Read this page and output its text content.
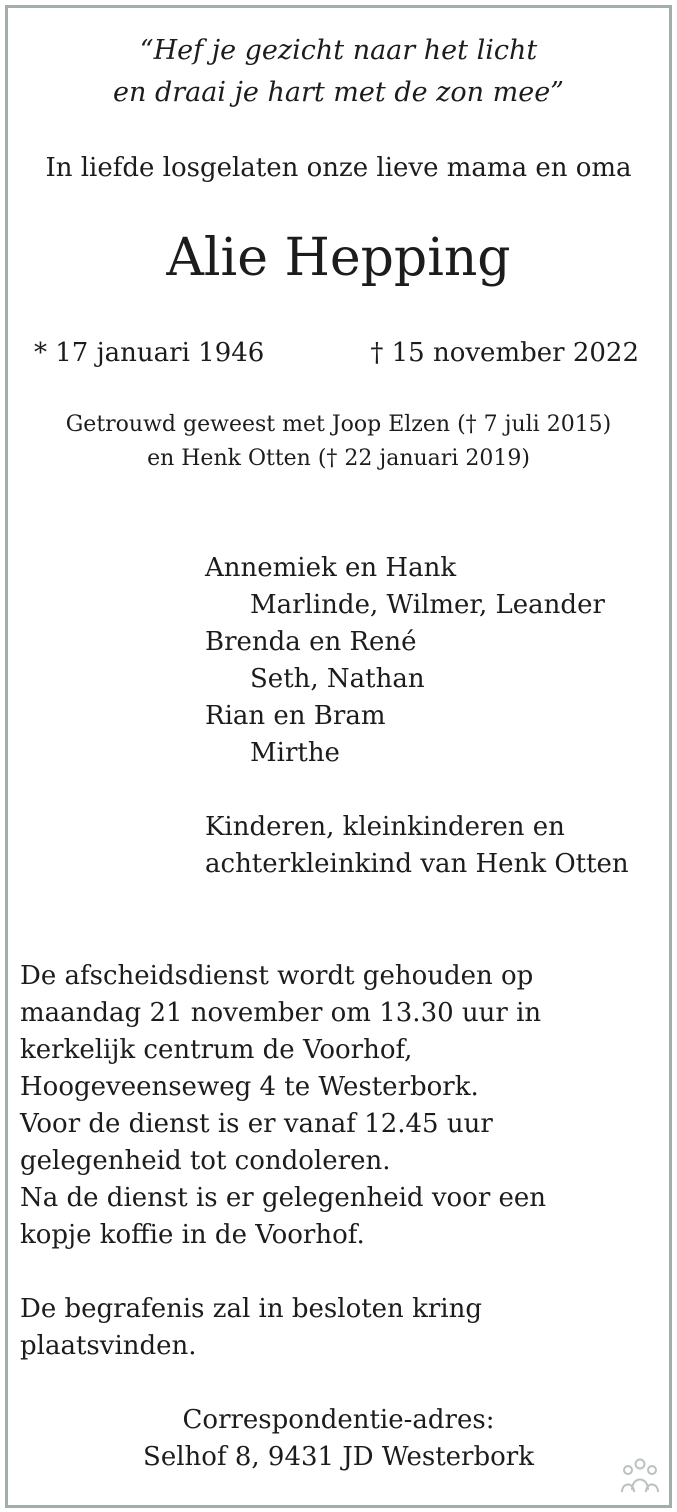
“Hef je gezicht naar het licht
en draai je hart met de zon mee”
In liefde losgelaten onze lieve mama en oma
Alie Hepping
* 17 januari 1946	† 15 november 2022
Getrouwd geweest met Joop Elzen († 7 juli 2015)
en Henk Otten († 22 januari 2019)
Annemiek en Hank
Marlinde, Wilmer, Leander
Brenda en René
Seth, Nathan
Rian en Bram
Mirthe
Kinderen, kleinkinderen en
achterkleinkind van Henk Otten
De afscheidsdienst wordt gehouden op
maandag 21 november om 13.30 uur in
kerkelijk centrum de Voorhof,
Hoogeveenseweg 4 te Westerbork.
Voor de dienst is er vanaf 12.45 uur
gelegenheid tot condoleren.
Na de dienst is er gelegenheid voor een
kopje koffie in de Voorhof.
De begrafenis zal in besloten kring
plaatsvinden.
Correspondentie-adres:
Selhof 8, 9431 JD Westerbork
